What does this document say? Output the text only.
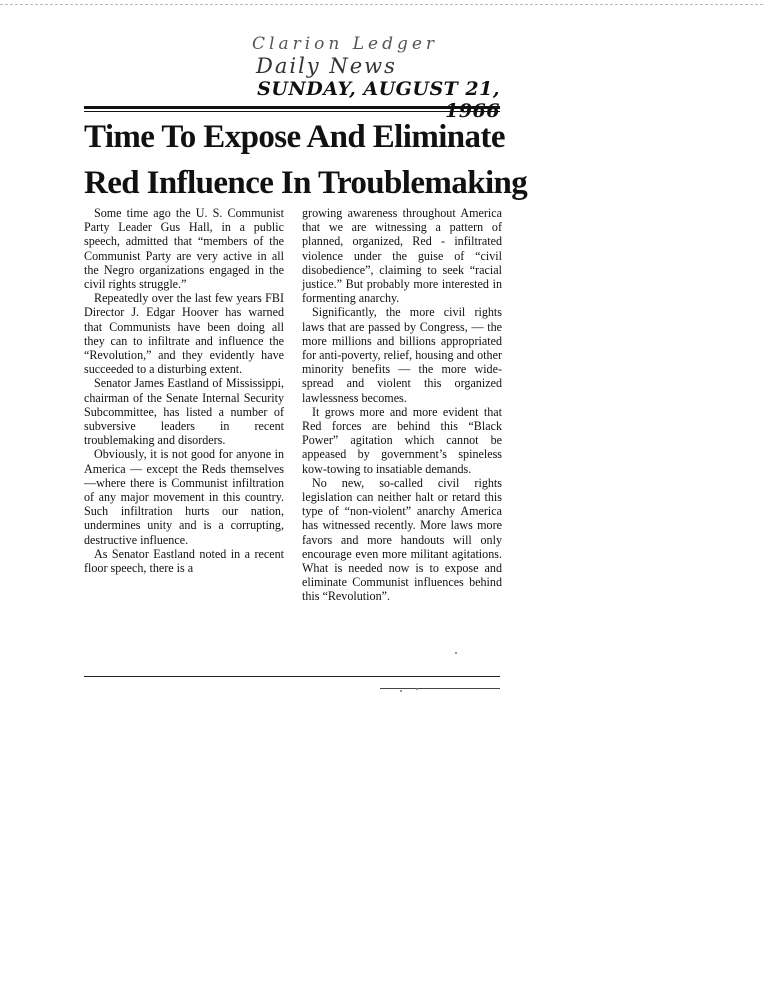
Clarion Ledger
Daily News
SUNDAY, AUGUST 21, 1966
Time To Expose And Eliminate
Red Influence In Troublemaking

Some time ago the U. S. Communist Party Leader Gus Hall, in a public speech, admitted that “members of the Communist Party are very active in all the Negro organizations engaged in the civil rights struggle.”

Repeatedly over the last few years FBI Director J. Edgar Hoover has warned that Communists have been doing all they can to infiltrate and influence the “Revolution,” and they evidently have succeeded to a disturbing extent.

Senator James Eastland of Mississippi, chairman of the Senate Internal Security Subcommittee, has listed a number of subversive leaders in recent troublemaking and disorders.

Obviously, it is not good for anyone in America — except the Reds themselves—where there is Communist infiltration of any major movement in this country. Such infiltration hurts our nation, undermines unity and is a corrupting, destructive influence.

As Senator Eastland noted in a recent floor speech, there is a

growing awareness throughout America that we are witnessing a pattern of planned, organized, Red - infiltrated violence under the guise of “civil disobedience”, claiming to seek “racial justice.” But probably more interested in formenting anarchy.

Significantly, the more civil rights laws that are passed by Congress, — the more millions and billions appropriated for anti-poverty, relief, housing and other minority benefits — the more wide-spread and violent this organized lawlessness becomes.

It grows more and more evident that Red forces are behind this “Black Power” agitation which cannot be appeased by government’s spineless kow-towing to insatiable demands.

No new, so-called civil rights legislation can neither halt or retard this type of “non-violent” anarchy America has witnessed recently. More laws more favors and more handouts will only encourage even more militant agitations. What is needed now is to expose and eliminate Communist influences behind this “Revolution”.
